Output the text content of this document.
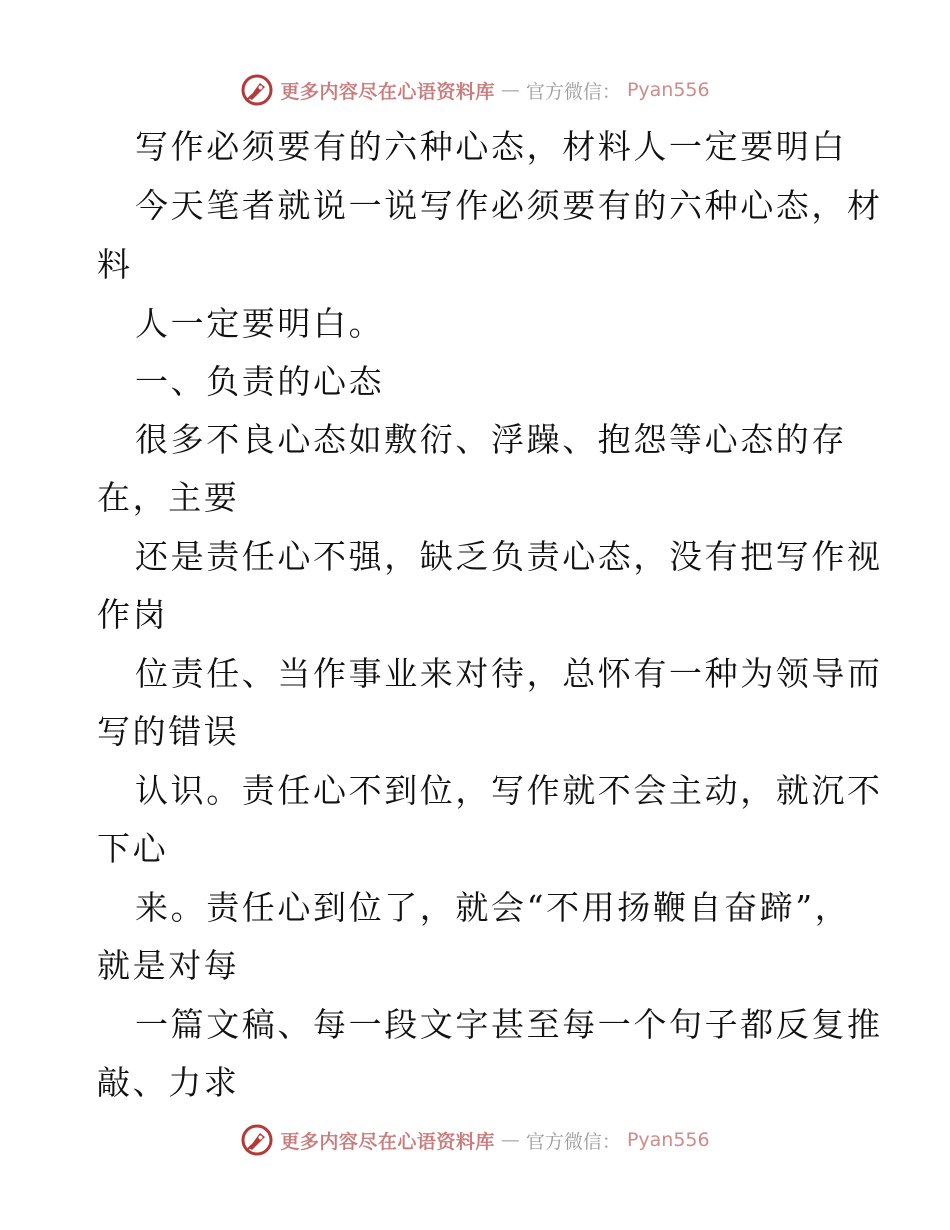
更多内容尽在心语资料库 — 官方微信： Pyan556
写作必须要有的六种心态，材料人一定要明白
今天笔者就说一说写作必须要有的六种心态，材
料
人一定要明白。
一、负责的心态
很多不良心态如敷衍、浮躁、抱怨等心态的存
在，主要
还是责任心不强，缺乏负责心态，没有把写作视
作岗
位责任、当作事业来对待，总怀有一种为领导而
写的错误
认识。责任心不到位，写作就不会主动，就沉不
下心
来。责任心到位了，就会“不用扬鞭自奋蹄”，
就是对每
一篇文稿、每一段文字甚至每一个句子都反复推
敲、力求
更多内容尽在心语资料库 — 官方微信： Pyan556
